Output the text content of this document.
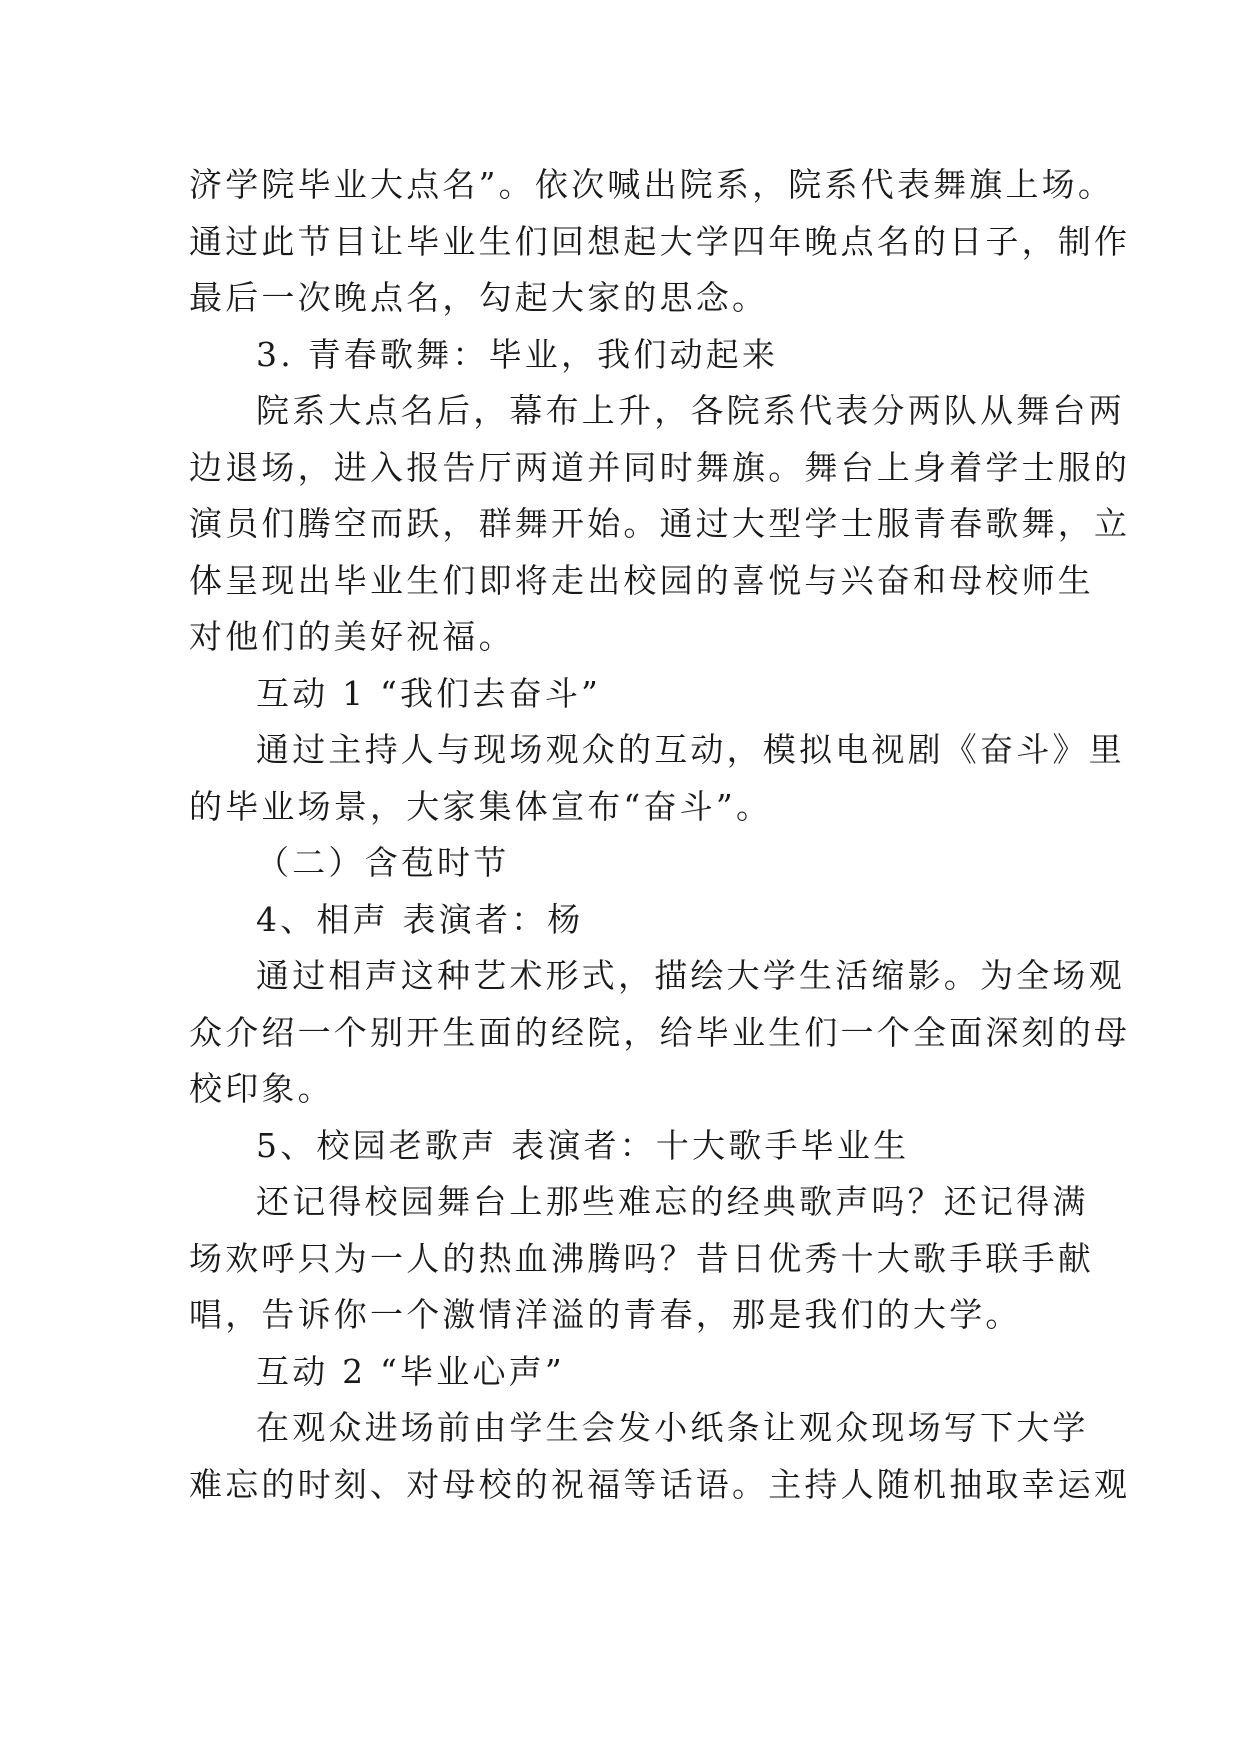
济学院毕业大点名”。依次喊出院系，院系代表舞旗上场。
通过此节目让毕业生们回想起大学四年晚点名的日子，制作
最后一次晚点名，勾起大家的思念。
3. 青春歌舞：毕业，我们动起来
院系大点名后，幕布上升，各院系代表分两队从舞台两
边退场，进入报告厅两道并同时舞旗。舞台上身着学士服的
演员们腾空而跃，群舞开始。通过大型学士服青春歌舞，立
体呈现出毕业生们即将走出校园的喜悦与兴奋和母校师生
对他们的美好祝福。
互动 1 “我们去奋斗”
通过主持人与现场观众的互动，模拟电视剧《奋斗》里
的毕业场景，大家集体宣布“奋斗”。
（二）含苞时节
4、相声 表演者：杨
通过相声这种艺术形式，描绘大学生活缩影。为全场观
众介绍一个别开生面的经院，给毕业生们一个全面深刻的母
校印象。
5、校园老歌声 表演者：十大歌手毕业生
还记得校园舞台上那些难忘的经典歌声吗？还记得满
场欢呼只为一人的热血沸腾吗？昔日优秀十大歌手联手献
唱，告诉你一个激情洋溢的青春，那是我们的大学。
互动 2 “毕业心声”
在观众进场前由学生会发小纸条让观众现场写下大学
难忘的时刻、对母校的祝福等话语。主持人随机抽取幸运观
